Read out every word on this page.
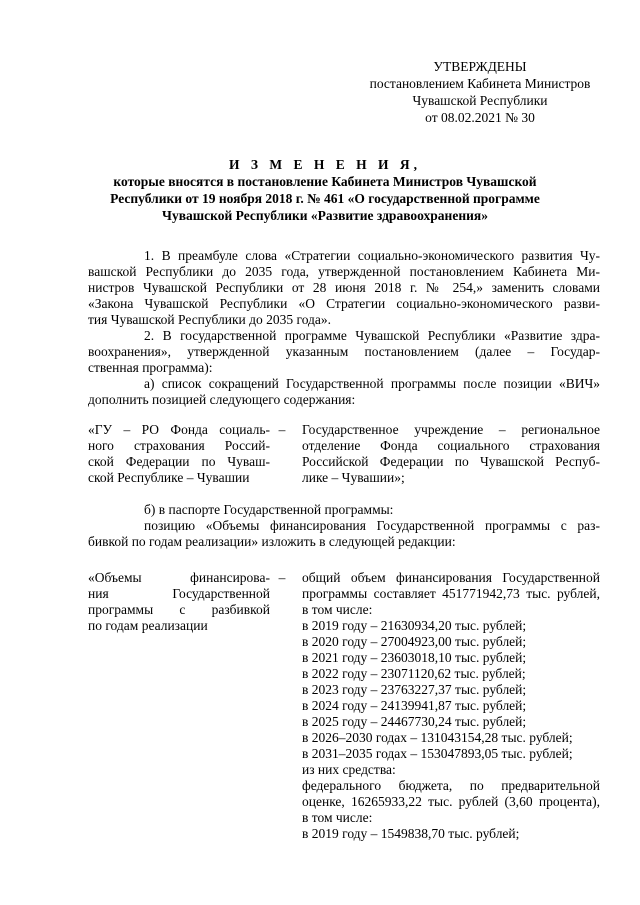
УТВЕРЖДЕНЫ
постановлением Кабинета Министров
Чувашской Республики
от 08.02.2021 № 30
И З М Е Н Е Н И Я,
которые вносятся в постановление Кабинета Министров Чувашской
Республики от 19 ноября 2018 г. № 461 «О государственной программе
Чувашской Республики «Развитие здравоохранения»
1. В преамбуле слова «Стратегии социально-экономического развития Чу-
вашской Республики до 2035 года, утвержденной постановлением Кабинета Ми-
нистров Чувашской Республики от 28 июня 2018 г. № 254,» заменить словами
«Закона Чувашской Республики «О Стратегии социально-экономического разви-
тия Чувашской Республики до 2035 года».
2. В государственной программе Чувашской Республики «Развитие здра-
воохранения», утвержденной указанным постановлением (далее – Государ-
ственная программа):
а) список сокращений Государственной программы после позиции «ВИЧ»
дополнить позицией следующего содержания:
«ГУ – РО Фонда социаль-
ного страхования Россий-
ской Федерации по Чуваш-
ской Республике – Чувашии
– Государственное учреждение – региональное
отделение Фонда социального страхования
Российской Федерации по Чувашской Респуб-
лике – Чувашии»;
б) в паспорте Государственной программы:
позицию «Объемы финансирования Государственной программы с раз-
бивкой по годам реализации» изложить в следующей редакции:
«Объемы финансирова-
ния Государственной
программы с разбивкой
по годам реализации
– общий объем финансирования Государственной
программы составляет 451771942,73 тыс. рублей,
в том числе:
в 2019 году – 21630934,20 тыс. рублей;
в 2020 году – 27004923,00 тыс. рублей;
в 2021 году – 23603018,10 тыс. рублей;
в 2022 году – 23071120,62 тыс. рублей;
в 2023 году – 23763227,37 тыс. рублей;
в 2024 году – 24139941,87 тыс. рублей;
в 2025 году – 24467730,24 тыс. рублей;
в 2026–2030 годах – 131043154,28 тыс. рублей;
в 2031–2035 годах – 153047893,05 тыс. рублей;
из них средства:
федерального бюджета, по предварительной
оценке, 16265933,22 тыс. рублей (3,60 процента),
в том числе:
в 2019 году – 1549838,70 тыс. рублей;
